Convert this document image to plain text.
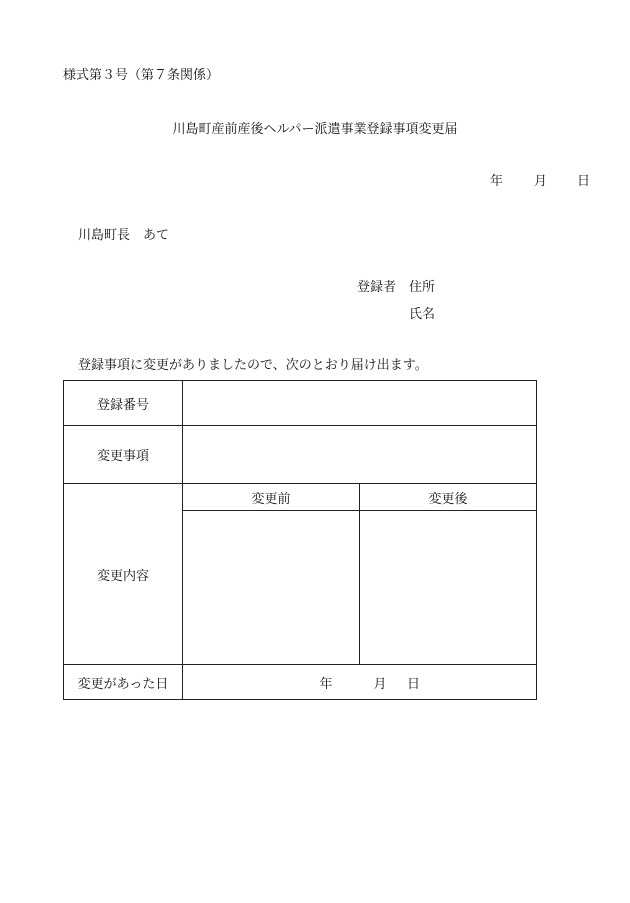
様式第３号（第７条関係）
川島町産前産後ヘルパー派遣事業登録事項変更届
年 月 日
川島町長　あて
登録者 住所
氏名
登録事項に変更がありましたので、次のとおり届け出ます。
登録番号		
変更事項		
変更内容	変更前	変更後

変更があった日	年 月 日	
